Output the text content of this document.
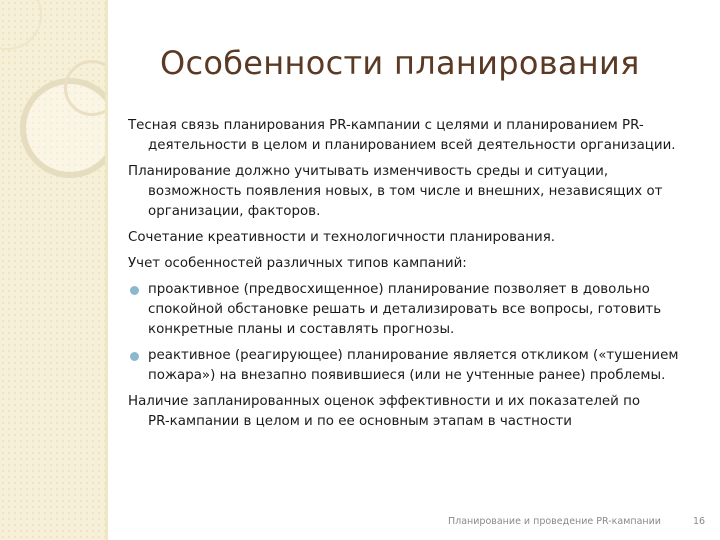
Особенности планирования

Тесная связь планирования PR-кампании с целями и планированием PR-
деятельности в целом и планированием всей деятельности организации.

Планирование должно учитывать изменчивость среды и ситуации,
возможность появления новых, в том числе и внешних, независящих от организации, факторов.

Сочетание креативности и технологичности планирования.

Учет особенностей различных типов кампаний:

проактивное (предвосхищенное) планирование позволяет в довольно спокойной обстановке решать и детализировать все вопросы, готовить конкретные планы и составлять прогнозы.
реактивное (реагирующее) планирование является откликом («тушением пожара») на внезапно появившиеся (или не учтенные ранее) проблемы.

Наличие запланированных оценок эффективности и их показателей по
PR-кампании в целом и по ее основным этапам в частности

Планирование и проведение PR-кампании	16
